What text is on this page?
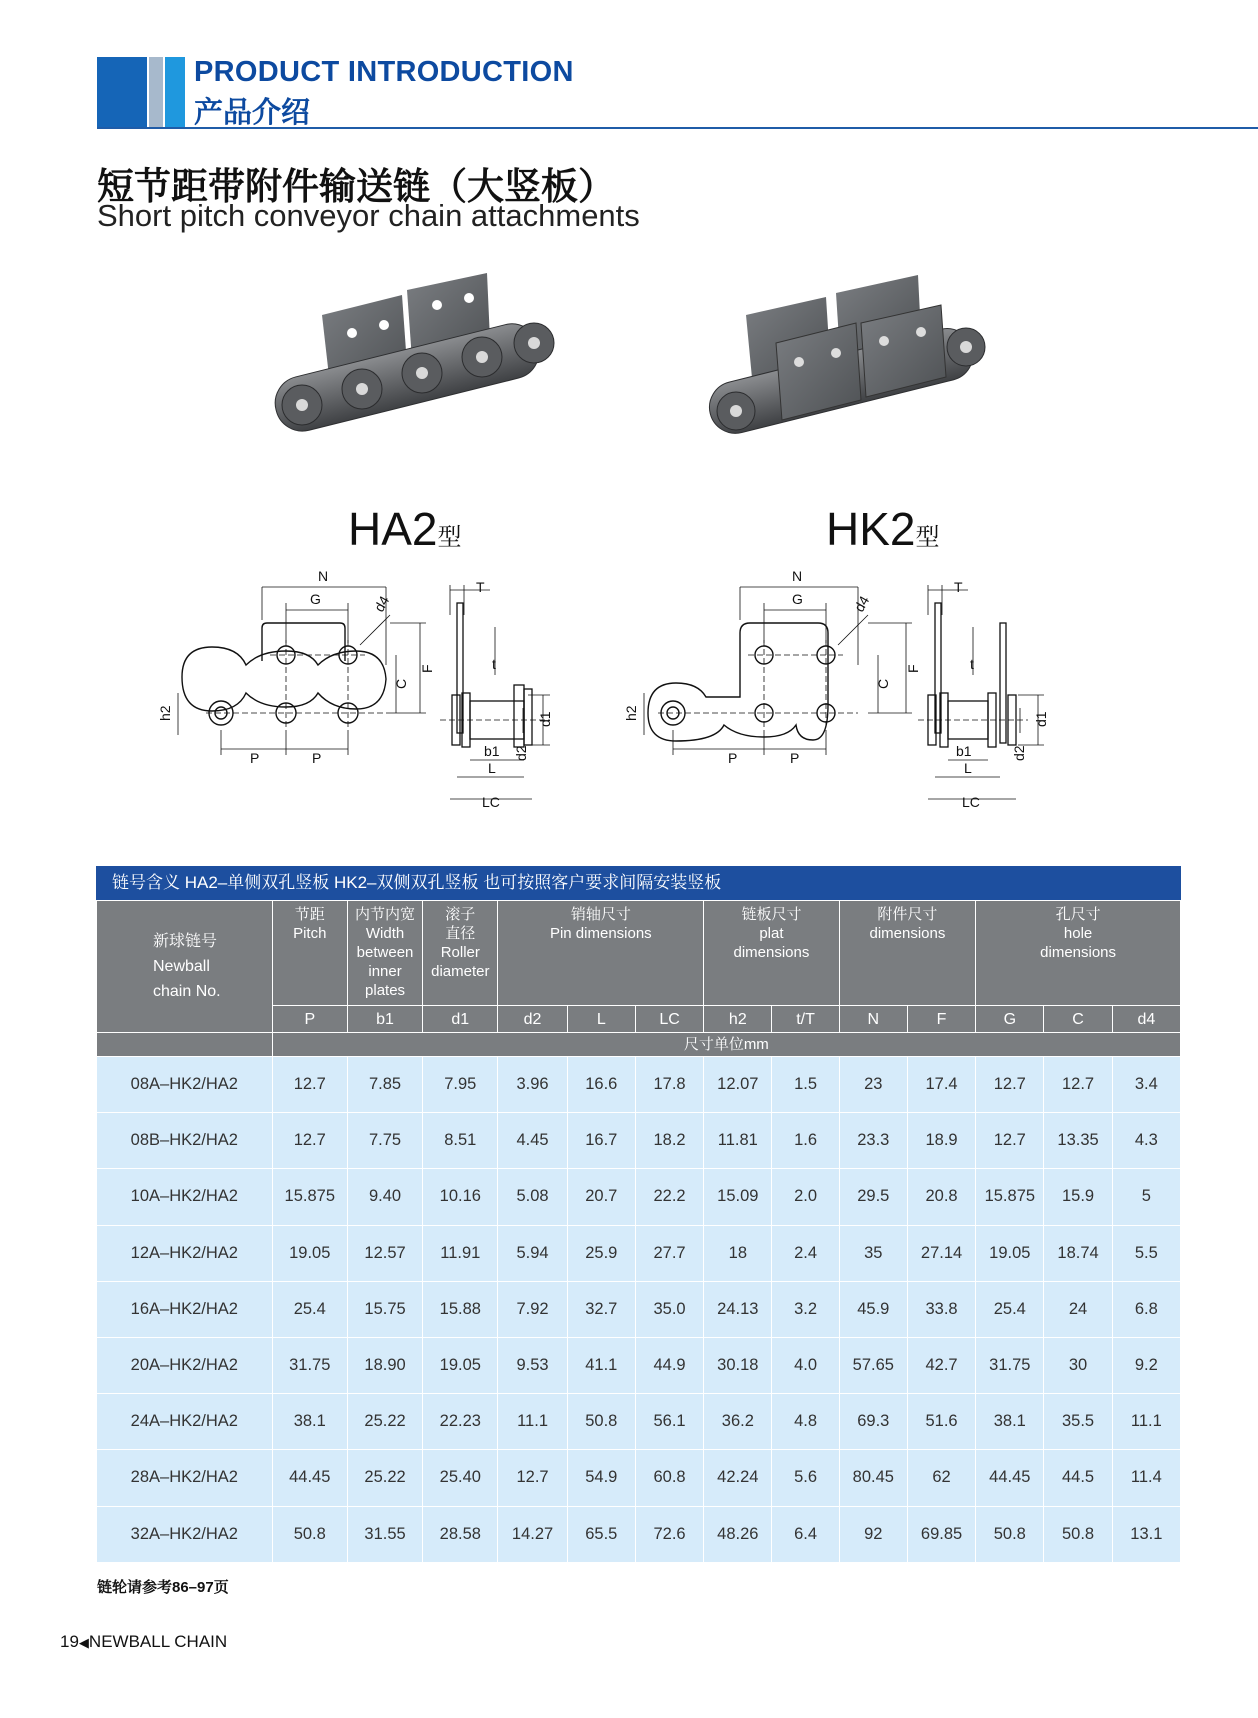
PRODUCT INTRODUCTION
产品介绍
短节距带附件输送链（大竖板）
Short pitch conveyor chain attachments
HA2型	HK2型
N
G	d4
F
C
h2
P	P
T
t
d1
d2
b1
L
LC
N
G	d4
F
C
h2
P	P
T
t
d1
d2
b1
L
LC
链号含义 HA2–单侧双孔竖板 HK2–双侧双孔竖板 也可按照客户要求间隔安装竖板
新球链号
Newball
chain No.	节距
Pitch	内节内宽
Width
between
inner
plates	滚子
直径
Roller
diameter	销轴尺寸
Pin dimensions			链板尺寸
plat
dimensions		附件尺寸
dimensions		孔尺寸
hole
dimensions		
	P	b1	d1	d2	L	LC	h2	t/T	N	F	G	C	d4
	尺寸单位mm												
08A–HK2/HA2	12.7	7.85	7.95	3.96	16.6	17.8	12.07	1.5	23	17.4	12.7	12.7	3.4
08B–HK2/HA2	12.7	7.75	8.51	4.45	16.7	18.2	11.81	1.6	23.3	18.9	12.7	13.35	4.3
10A–HK2/HA2	15.875	9.40	10.16	5.08	20.7	22.2	15.09	2.0	29.5	20.8	15.875	15.9	5
12A–HK2/HA2	19.05	12.57	11.91	5.94	25.9	27.7	18	2.4	35	27.14	19.05	18.74	5.5
16A–HK2/HA2	25.4	15.75	15.88	7.92	32.7	35.0	24.13	3.2	45.9	33.8	25.4	24	6.8
20A–HK2/HA2	31.75	18.90	19.05	9.53	41.1	44.9	30.18	4.0	57.65	42.7	31.75	30	9.2
24A–HK2/HA2	38.1	25.22	22.23	11.1	50.8	56.1	36.2	4.8	69.3	51.6	38.1	35.5	11.1
28A–HK2/HA2	44.45	25.22	25.40	12.7	54.9	60.8	42.24	5.6	80.45	62	44.45	44.5	11.4
32A–HK2/HA2	50.8	31.55	28.58	14.27	65.5	72.6	48.26	6.4	92	69.85	50.8	50.8	13.1
链轮请参考86–97页
19◀NEWBALL CHAIN
